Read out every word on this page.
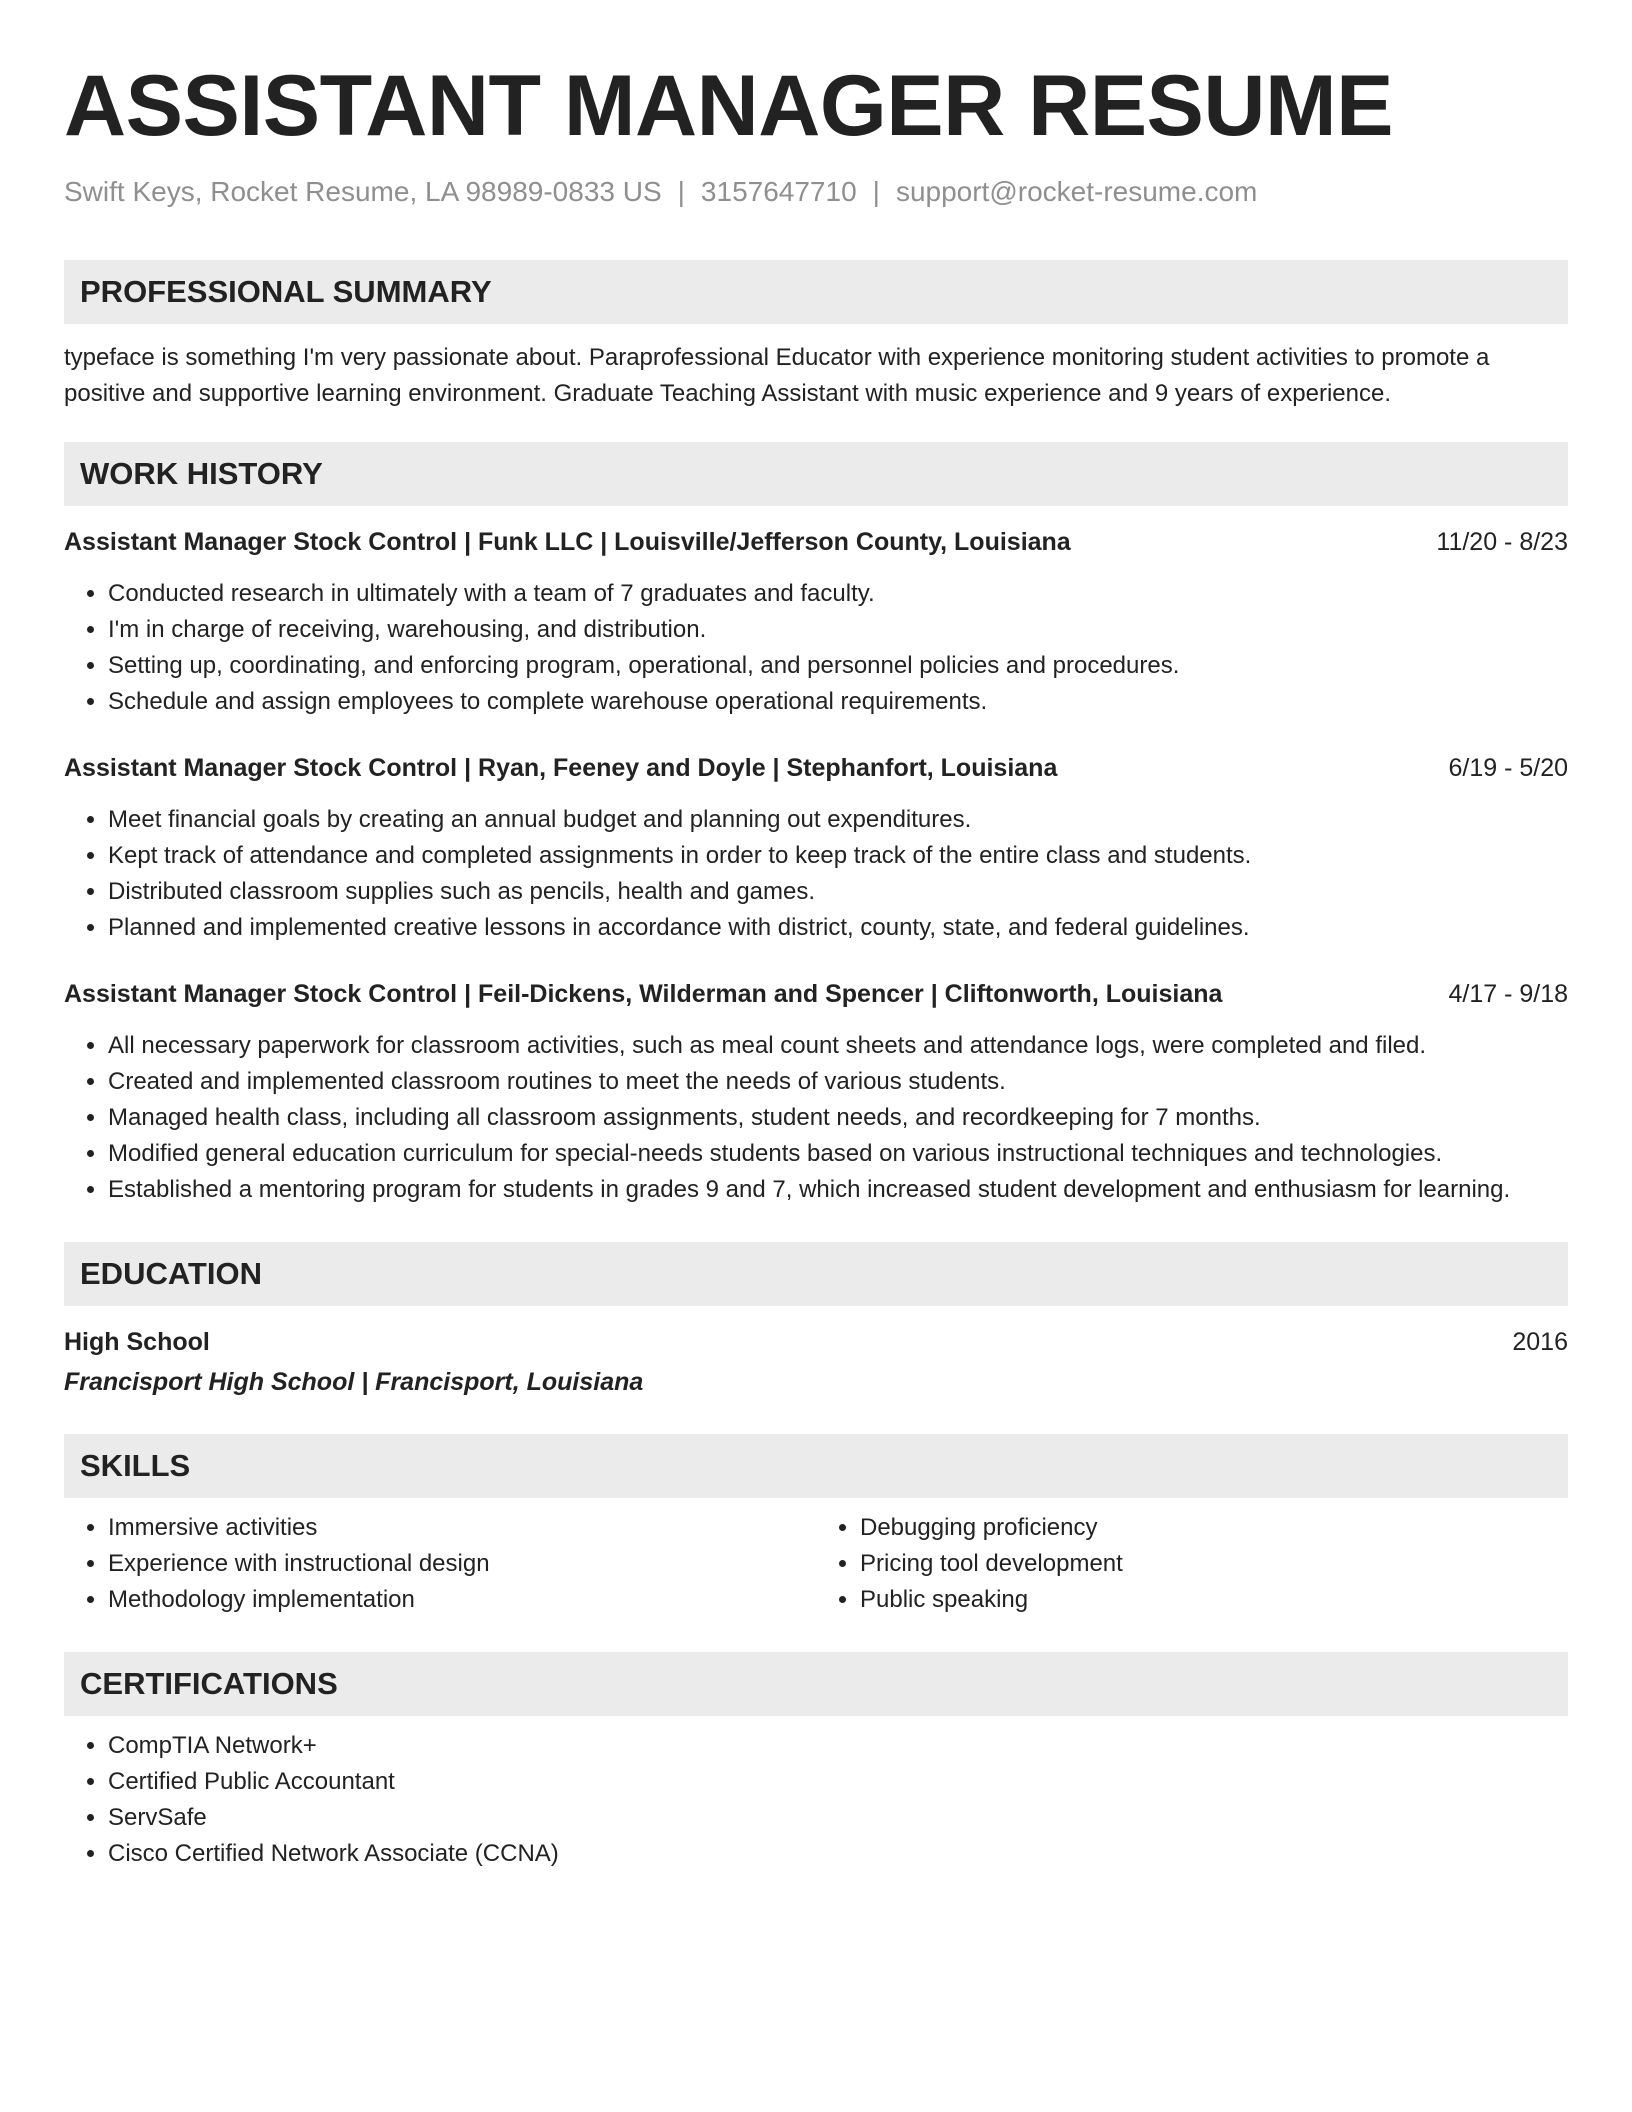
ASSISTANT MANAGER RESUME
Swift Keys, Rocket Resume, LA 98989-0833 US | 3157647710 | support@rocket-resume.com
PROFESSIONAL SUMMARY

typeface is something I'm very passionate about. Paraprofessional Educator with experience monitoring student activities to promote a positive and supportive learning environment. Graduate Teaching Assistant with music experience and 9 years of experience.

WORK HISTORY
Assistant Manager Stock Control | Funk LLC | Louisville/Jefferson County, Louisiana	11/20 - 8/23
• Conducted research in ultimately with a team of 7 graduates and faculty.
• I'm in charge of receiving, warehousing, and distribution.
• Setting up, coordinating, and enforcing program, operational, and personnel policies and procedures.
• Schedule and assign employees to complete warehouse operational requirements.
Assistant Manager Stock Control | Ryan, Feeney and Doyle | Stephanfort, Louisiana	6/19 - 5/20
• Meet financial goals by creating an annual budget and planning out expenditures.
• Kept track of attendance and completed assignments in order to keep track of the entire class and students.
• Distributed classroom supplies such as pencils, health and games.
• Planned and implemented creative lessons in accordance with district, county, state, and federal guidelines.
Assistant Manager Stock Control | Feil-Dickens, Wilderman and Spencer | Cliftonworth, Louisiana	4/17 - 9/18
• All necessary paperwork for classroom activities, such as meal count sheets and attendance logs, were completed and filed.
• Created and implemented classroom routines to meet the needs of various students.
• Managed health class, including all classroom assignments, student needs, and recordkeeping for 7 months.
• Modified general education curriculum for special-needs students based on various instructional techniques and technologies.
• Established a mentoring program for students in grades 9 and 7, which increased student development and enthusiasm for learning.
EDUCATION
High School	2016
Francisport High School | Francisport, Louisiana
SKILLS
• Immersive activities
• Experience with instructional design
• Methodology implementation
• Debugging proficiency
• Pricing tool development
• Public speaking
CERTIFICATIONS
• CompTIA Network+
• Certified Public Accountant
• ServSafe
• Cisco Certified Network Associate (CCNA)
